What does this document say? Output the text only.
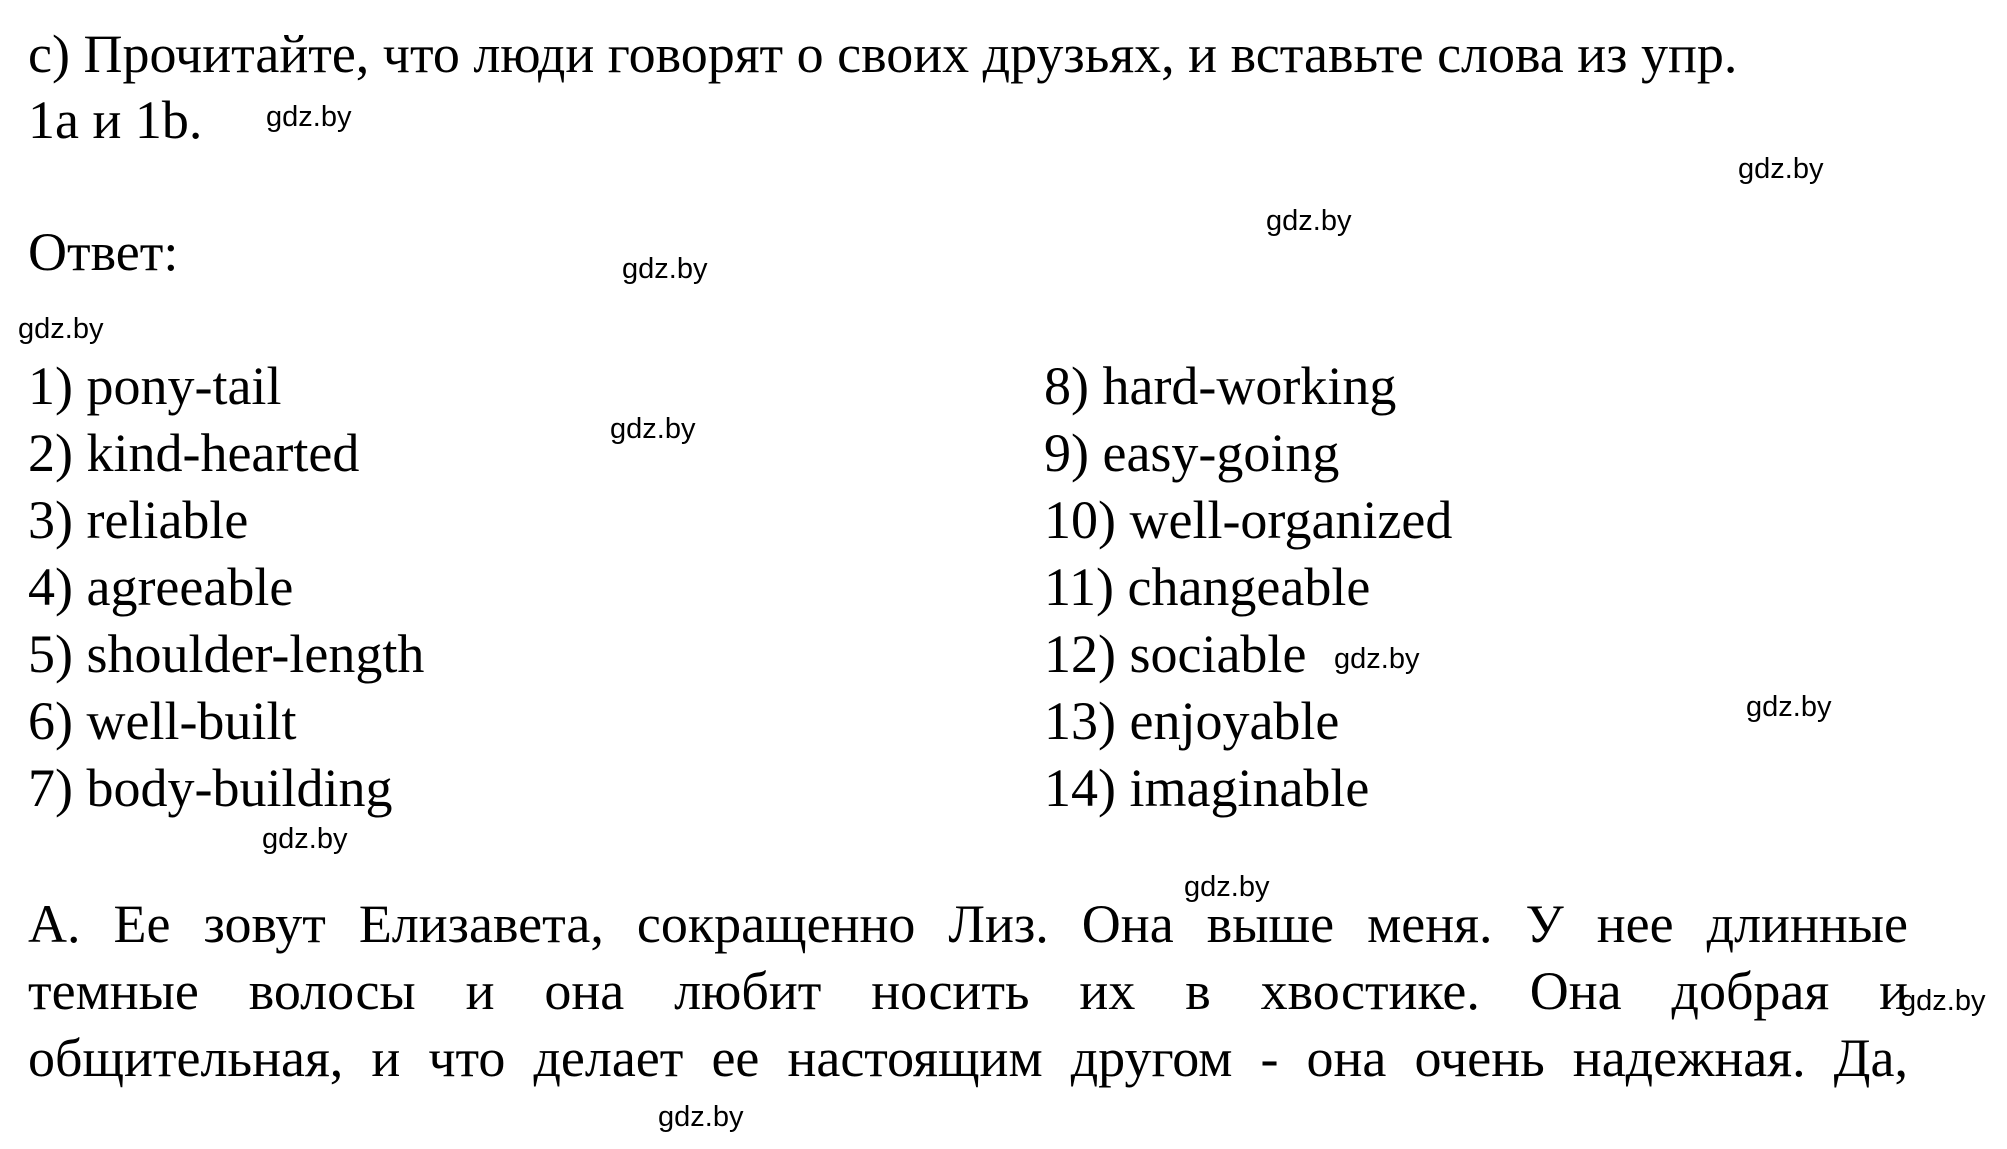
с) Прочитайте, что люди говорят о своих друзьях, и вставьте слова из упр.
1a и 1b.
Ответ:
1) pony-tail
2) kind-hearted
3) reliable
4) agreeable
5) shoulder-length
6) well-built
7) body-building
8) hard-working
9) easy-going
10) well-organized
11) changeable
12) sociable
13) enjoyable
14) imaginable
А. Ее зовут Елизавета, сокращенно Лиз. Она выше меня. У нее длинные
темные волосы и она любит носить их в хвостике. Она добрая и
общительная, и что делает ее настоящим другом - она очень надежная. Да,
gdz.by
gdz.by
gdz.by
gdz.by
gdz.by
gdz.by
gdz.by
gdz.by
gdz.by
gdz.by
gdz.by
gdz.by
